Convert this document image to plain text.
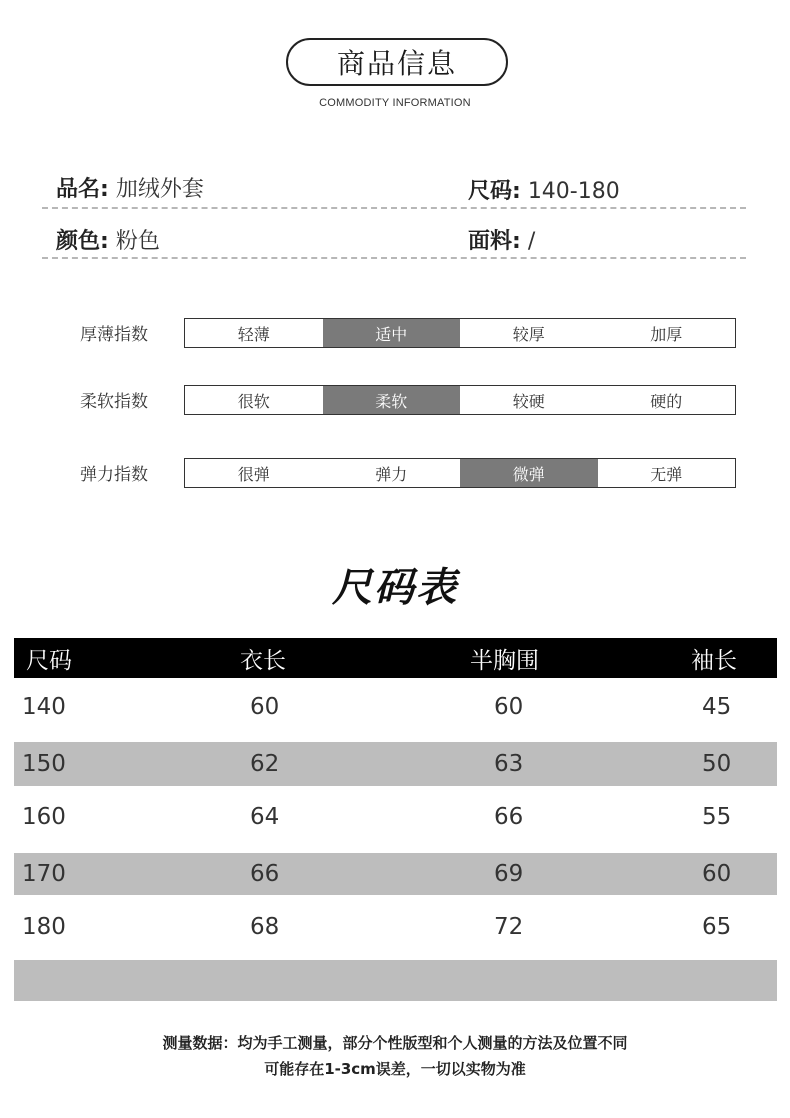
商品信息
COMMODITY INFORMATION
品名: 加绒外套	尺码: 140-180
颜色: 粉色	面料: /
厚薄指数	轻薄	适中	较厚	加厚
柔软指数	很软	柔软	较硬	硬的
弹力指数	很弹	弹力	微弹	无弹
尺码表
尺码	衣长	半胸围	袖长
140	60	60	45
150	62	63	50
160	64	66	55
170	66	69	60
180	68	72	65
测量数据：均为手工测量，部分个性版型和个人测量的方法及位置不同
可能存在1-3cm误差，一切以实物为准
